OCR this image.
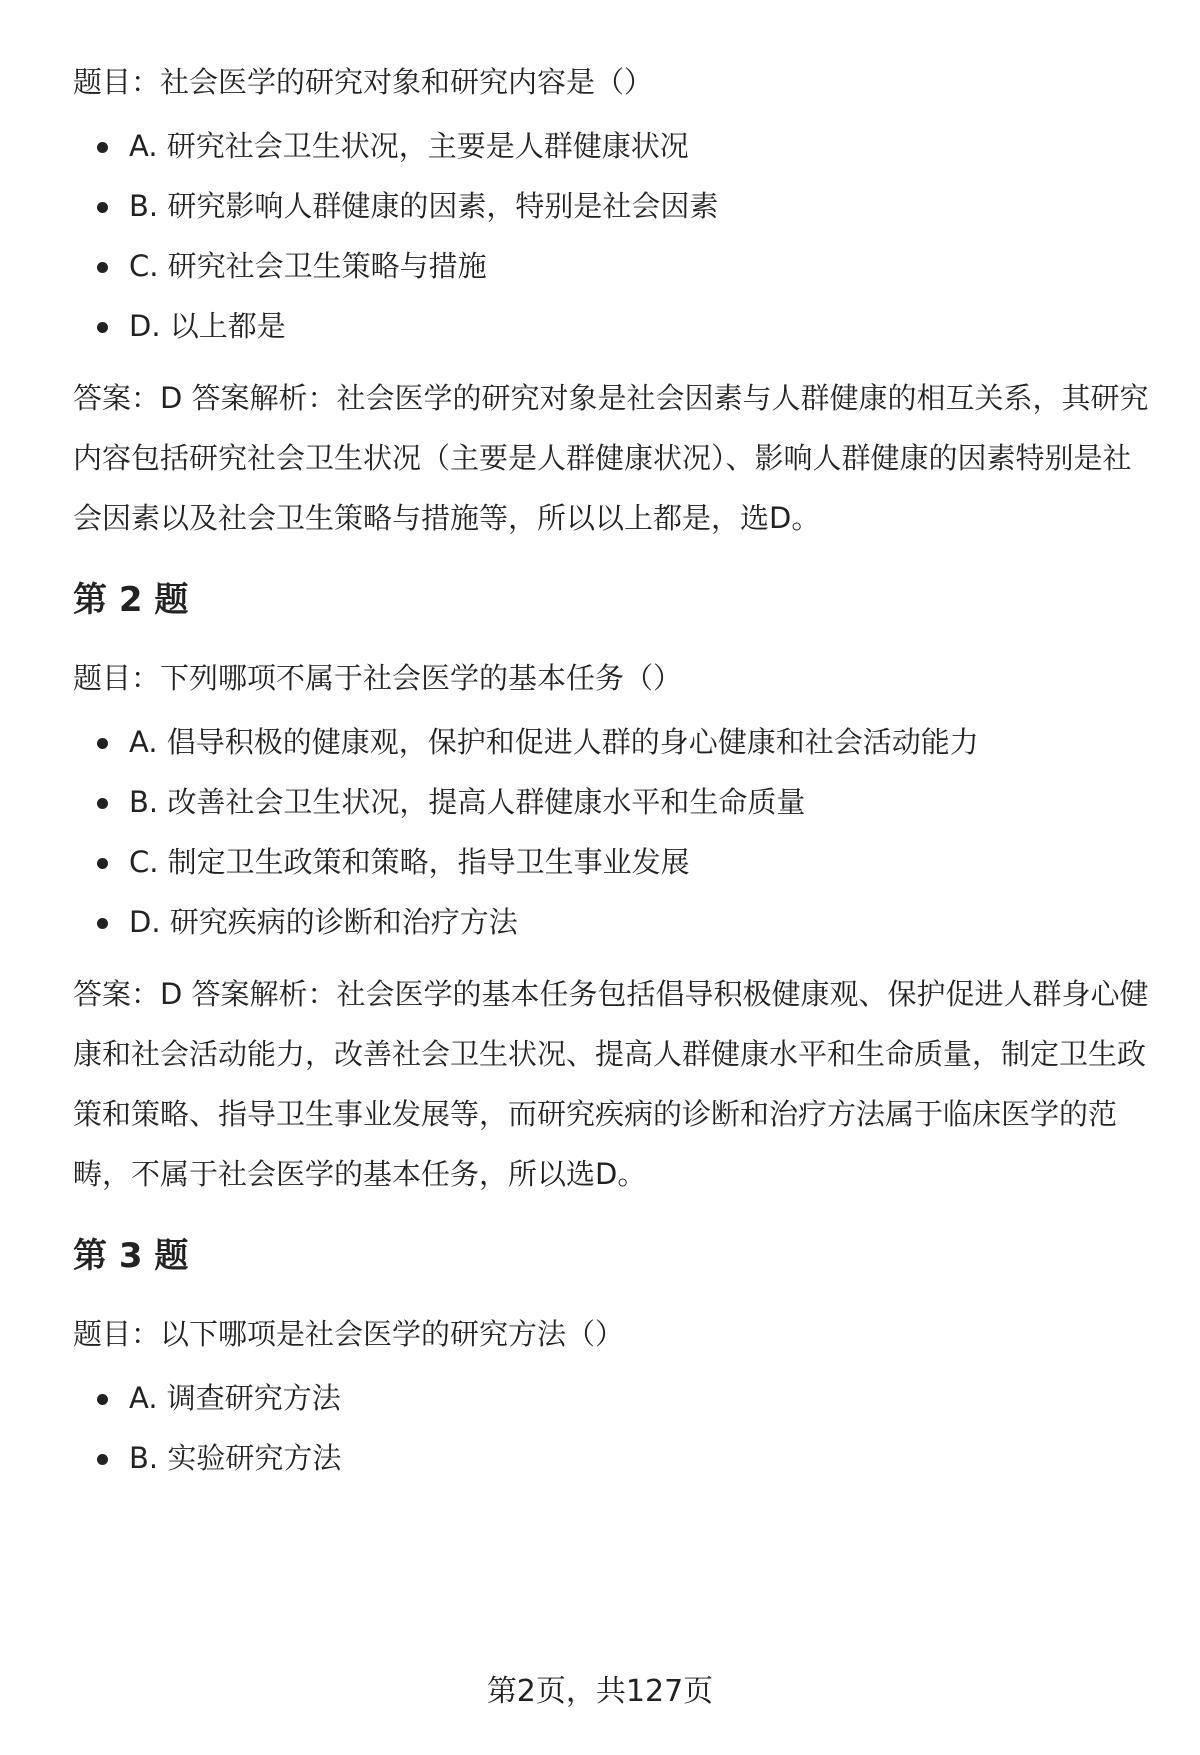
题目：社会医学的研究对象和研究内容是（）

A. 研究社会卫生状况，主要是人群健康状况
B. 研究影响人群健康的因素，特别是社会因素
C. 研究社会卫生策略与措施
D. 以上都是

答案：D 答案解析：社会医学的研究对象是社会因素与人群健康的相互关系，其研究内容包括研究社会卫生状况（主要是人群健康状况）、影响人群健康的因素特别是社会因素以及社会卫生策略与措施等，所以以上都是，选D。

第 2 题

题目：下列哪项不属于社会医学的基本任务（）

A. 倡导积极的健康观，保护和促进人群的身心健康和社会活动能力
B. 改善社会卫生状况，提高人群健康水平和生命质量
C. 制定卫生政策和策略，指导卫生事业发展
D. 研究疾病的诊断和治疗方法

答案：D 答案解析：社会医学的基本任务包括倡导积极健康观、保护促进人群身心健康和社会活动能力，改善社会卫生状况、提高人群健康水平和生命质量，制定卫生政策和策略、指导卫生事业发展等，而研究疾病的诊断和治疗方法属于临床医学的范畴，不属于社会医学的基本任务，所以选D。

第 3 题

题目：以下哪项是社会医学的研究方法（）

A. 调查研究方法
B. 实验研究方法
第2页，共127页
